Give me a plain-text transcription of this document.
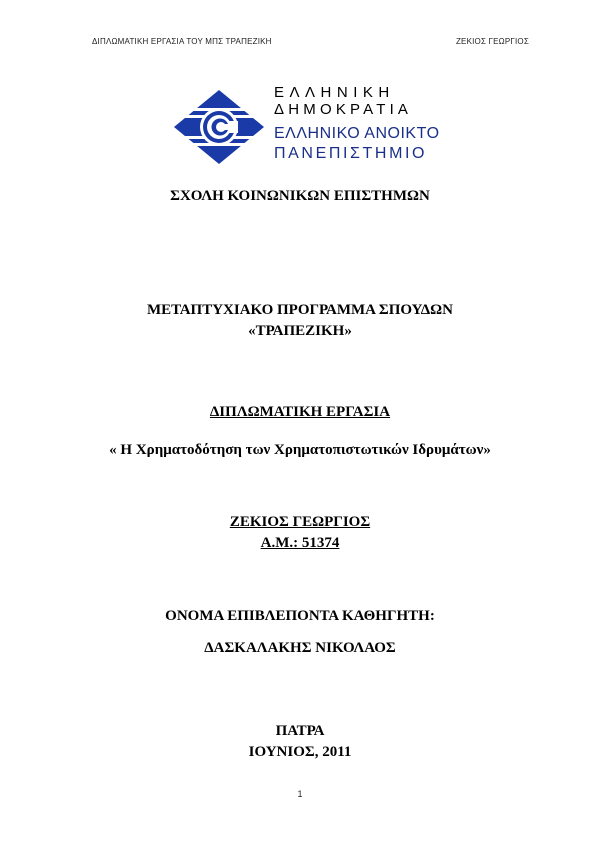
ΔΙΠΛΩΜΑΤΙΚΗ ΕΡΓΑΣΙΑ ΤΟΥ ΜΠΣ ΤΡΑΠΕΖΙΚΗ	ΖΕΚΙΟΣ ΓΕΩΡΓΙΟΣ
ΕΛΛΗΝΙΚΗ
ΔΗΜΟΚΡΑΤΙΑ
ΕΛΛΗΝΙΚΟ ΑΝΟΙΚΤΟ
ΠΑΝΕΠΙΣΤΗΜΙΟ
ΣΧΟΛΗ ΚΟΙΝΩΝΙΚΩΝ ΕΠΙΣΤΗΜΩΝ
ΜΕΤΑΠΤΥΧΙΑΚΟ ΠΡΟΓΡΑΜΜΑ ΣΠΟΥΔΩΝ
«ΤΡΑΠΕΖΙΚΗ»
ΔΙΠΛΩΜΑΤΙΚΗ ΕΡΓΑΣΙΑ
« Η Χρηματοδότηση των Χρηματοπιστωτικών Ιδρυμάτων»
ΖΕΚΙΟΣ ΓΕΩΡΓΙΟΣ
Α.Μ.: 51374
ΟΝΟΜΑ ΕΠΙΒΛΕΠΟΝΤΑ ΚΑΘΗΓΗΤΗ:
ΔΑΣΚΑΛΑΚΗΣ ΝΙΚΟΛΑΟΣ
ΠΑΤΡΑ
ΙΟΥΝΙΟΣ, 2011
1
